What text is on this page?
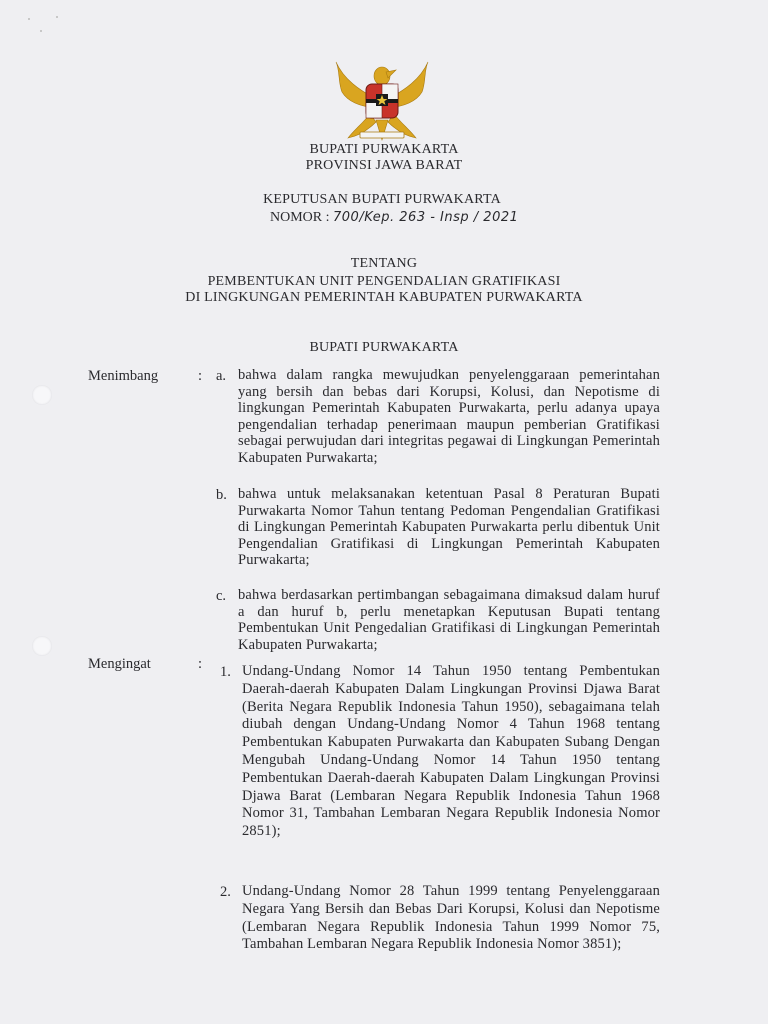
BUPATI PURWAKARTA
PROVINSI JAWA BARAT
KEPUTUSAN BUPATI PURWAKARTA
NOMOR : 700/Kep. 263 - Insp / 2021
TENTANG
PEMBENTUKAN UNIT PENGENDALIAN GRATIFIKASI
DI LINGKUNGAN PEMERINTAH KABUPATEN PURWAKARTA
BUPATI PURWAKARTA
Menimbang	: a. bahwa dalam rangka mewujudkan penyelenggaraan pemerintahan yang bersih dan bebas dari Korupsi, Kolusi, dan Nepotisme di lingkungan Pemerintah Kabupaten Purwakarta, perlu adanya upaya pengendalian terhadap penerimaan maupun pemberian Gratifikasi sebagai perwujudan dari integritas pegawai di Lingkungan Pemerintah Kabupaten Purwakarta;
b. bahwa untuk melaksanakan ketentuan Pasal 8 Peraturan Bupati Purwakarta Nomor Tahun tentang Pedoman Pengendalian Gratifikasi di Lingkungan Pemerintah Kabupaten Purwakarta perlu dibentuk Unit Pengendalian Gratifikasi di Lingkungan Pemerintah Kabupaten Purwakarta;
c. bahwa berdasarkan pertimbangan sebagaimana dimaksud dalam huruf a dan huruf b, perlu menetapkan Keputusan Bupati tentang Pembentukan Unit Pengedalian Gratifikasi di Lingkungan Pemerintah Kabupaten Purwakarta;
Mengingat	: 1. Undang-Undang Nomor 14 Tahun 1950 tentang Pembentukan Daerah-daerah Kabupaten Dalam Lingkungan Provinsi Djawa Barat (Berita Negara Republik Indonesia Tahun 1950), sebagaimana telah diubah dengan Undang-Undang Nomor 4 Tahun 1968 tentang Pembentukan Kabupaten Purwakarta dan Kabupaten Subang Dengan Mengubah Undang-Undang Nomor 14 Tahun 1950 tentang Pembentukan Daerah-daerah Kabupaten Dalam Lingkungan Provinsi Djawa Barat (Lembaran Negara Republik Indonesia Tahun 1968 Nomor 31, Tambahan Lembaran Negara Republik Indonesia Nomor 2851);
2. Undang-Undang Nomor 28 Tahun 1999 tentang Penyelenggaraan Negara Yang Bersih dan Bebas Dari Korupsi, Kolusi dan Nepotisme (Lembaran Negara Republik Indonesia Tahun 1999 Nomor 75, Tambahan Lembaran Negara Republik Indonesia Nomor 3851);
